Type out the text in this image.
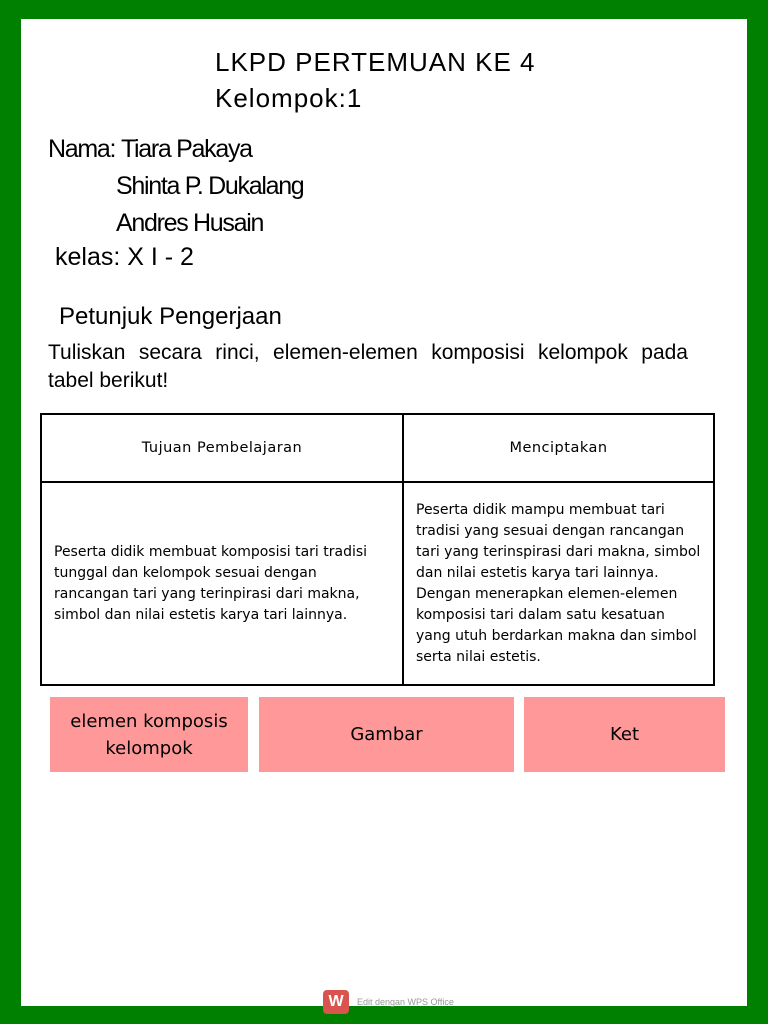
LKPD PERTEMUAN KE 4
Kelompok:1
Nama: Tiara Pakaya
Shinta P. Dukalang
Andres Husain
kelas: X I - 2
Petunjuk Pengerjaan
Tuliskan secara rinci, elemen-elemen komposisi kelompok pada tabel berikut!
Tujuan Pembelajaran	Menciptakan
Peserta didik membuat komposisi tari tradisi tunggal dan kelompok sesuai dengan rancangan tari yang terinpirasi dari makna, simbol dan nilai estetis karya tari lainnya.	Peserta didik mampu membuat tari tradisi yang sesuai dengan rancangan tari yang terinspirasi dari makna, simbol dan nilai estetis karya tari lainnya. Dengan menerapkan elemen-elemen komposisi tari dalam satu kesatuan yang utuh berdarkan makna dan simbol serta nilai estetis.
elemen komposis kelompok
Gambar	Ket
W	Edit dengan WPS Office
